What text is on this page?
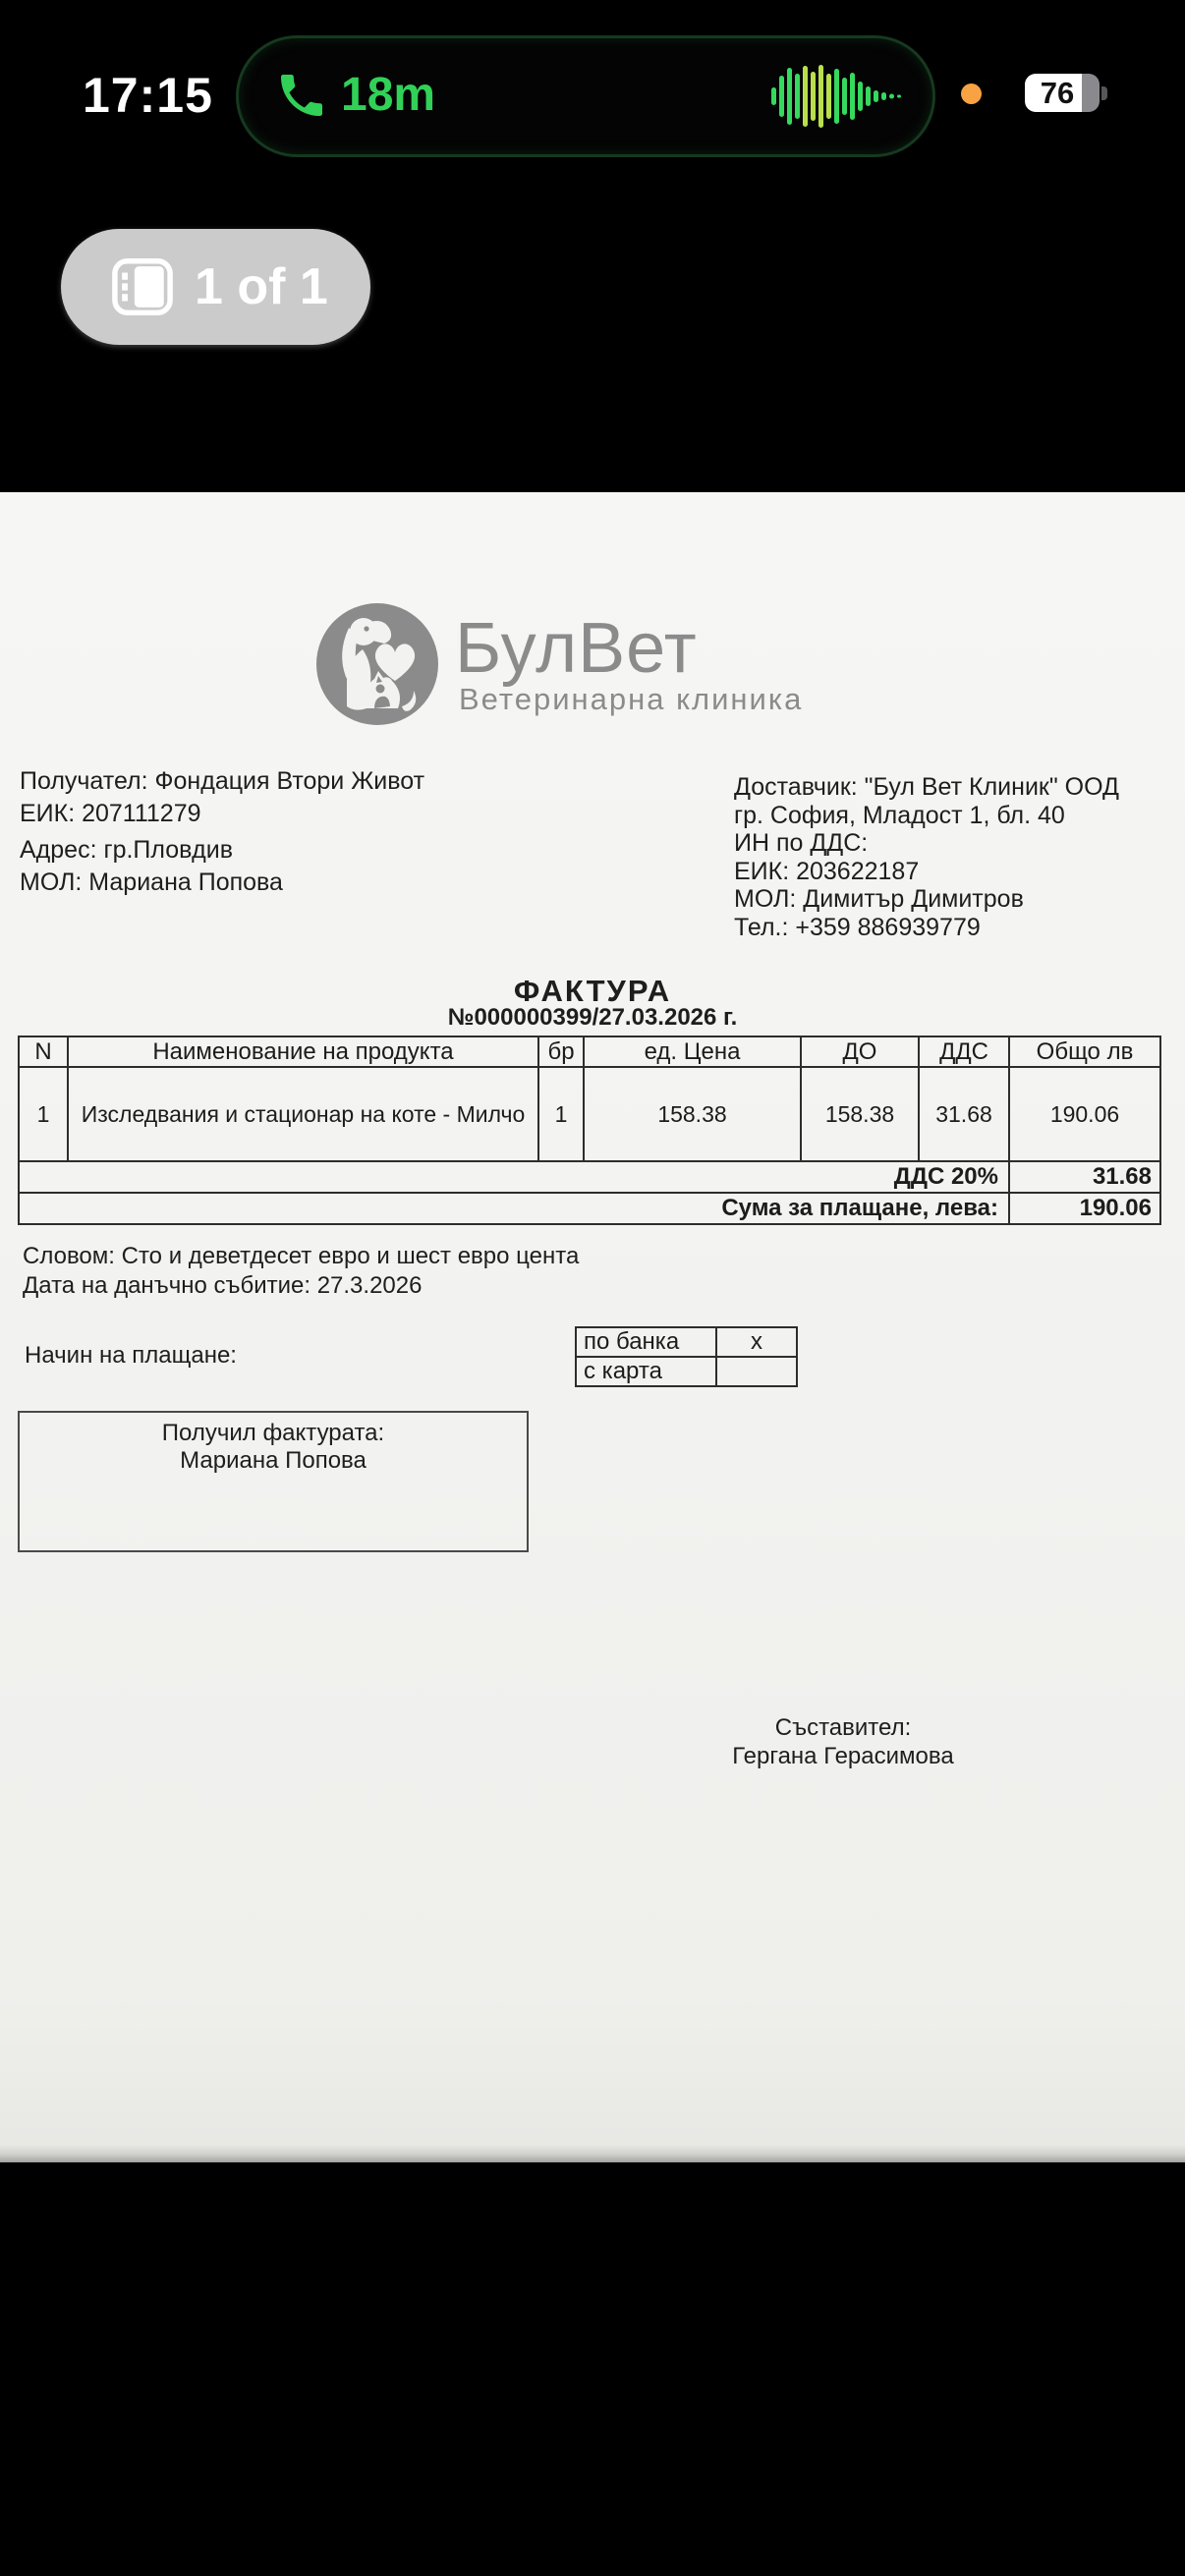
17:15	18m	76
1 of 1
БулВет
Ветеринарна клиника
Получател: Фондация Втори Живот
ЕИК: 207111279
Адрес: гр.Пловдив
МОЛ: Мариана Попова
Доставчик: "Бул Вет Клиник" ООД
гр. София, Младост 1, бл. 40
ИН по ДДС:
ЕИК: 203622187
МОЛ: Димитър Димитров
Тел.: +359 886939779
ФАКТУРА
№000000399/27.03.2026 г.
N	Наименование на продукта	бр	ед. Цена	ДО	ДДС	Общо лв
1	Изследвания и стационар на коте - Милчо	1	158.38	158.38	31.68	190.06
ДДС 20%						31.68
Сума за плащане, лева:						190.06
Словом: Сто и деветдесет евро и шест евро цента
Дата на данъчно събитие: 27.3.2026
Начин на плащане:
по банка	x
с карта	
Получил фактурата:
Мариана Попова
Съставител:
Гергана Герасимова
